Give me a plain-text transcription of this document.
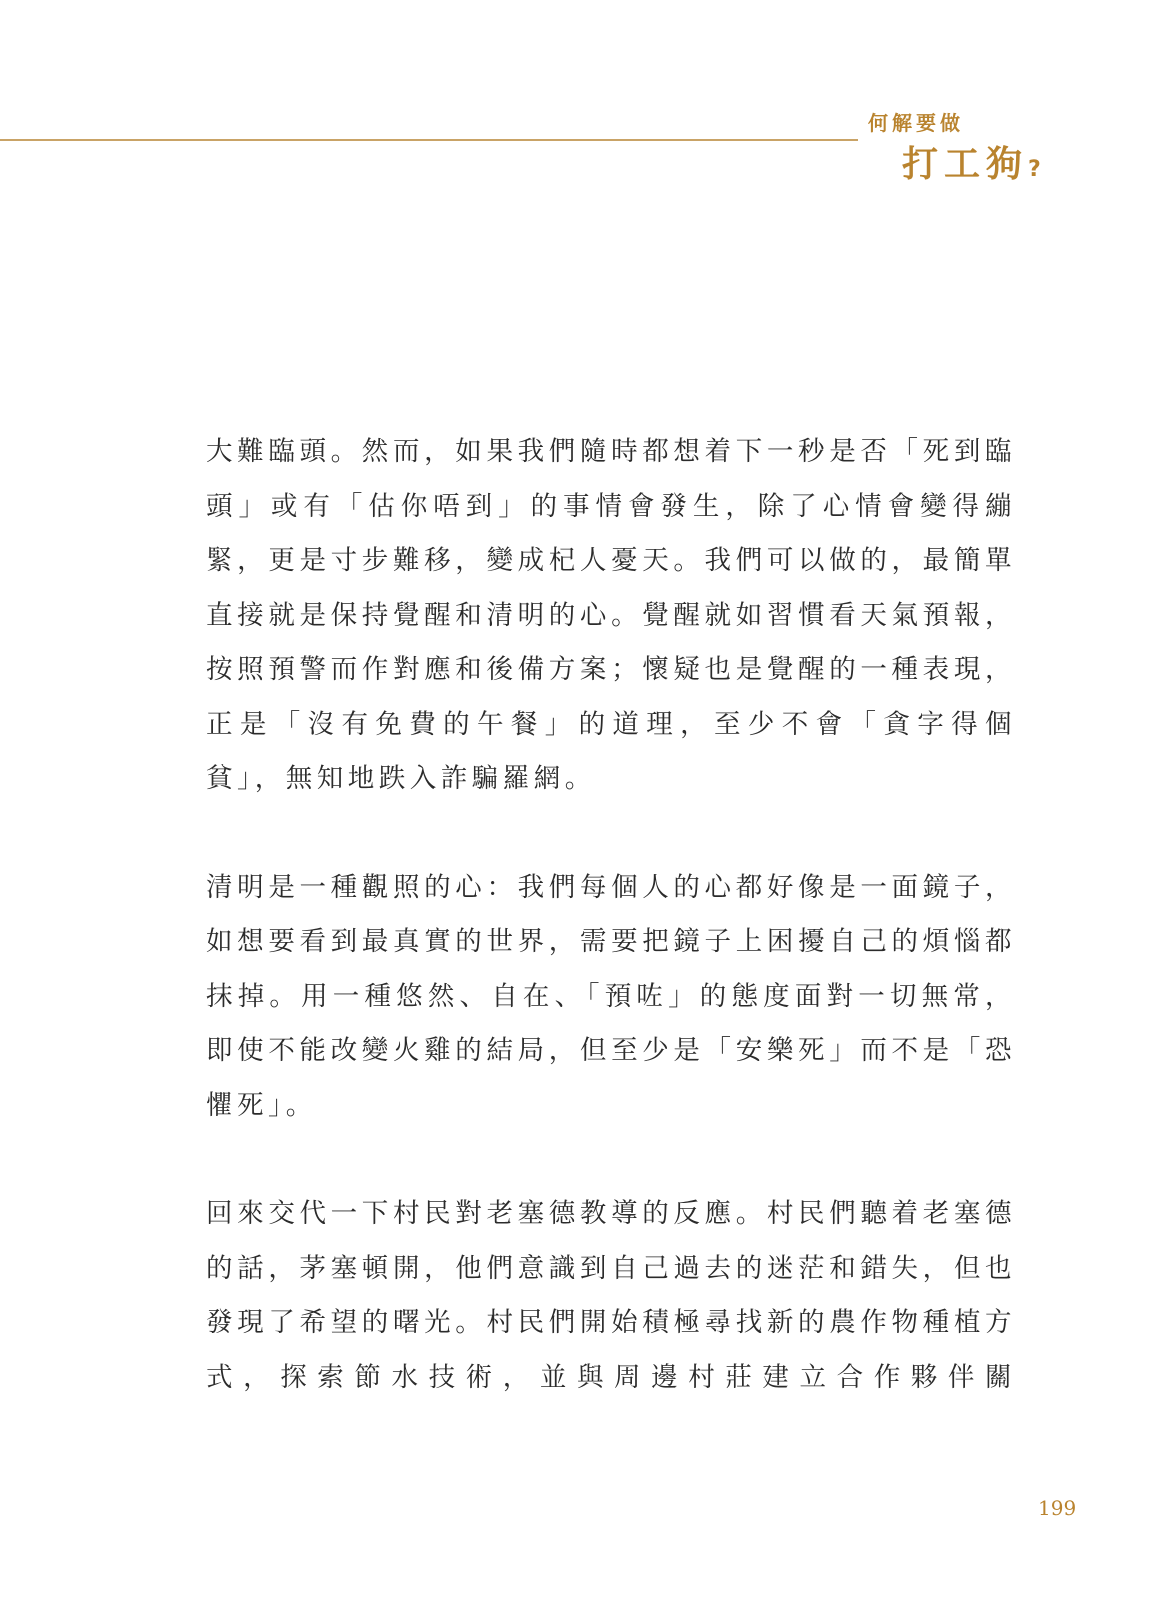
何解要做
打工狗?

大難臨頭。然而，如果我們隨時都想着下一秒是否「死到臨頭」或有「估你唔到」的事情會發生，除了心情會變得繃緊，更是寸步難移，變成杞人憂天。我們可以做的，最簡單直接就是保持覺醒和清明的心。覺醒就如習慣看天氣預報，按照預警而作對應和後備方案；懷疑也是覺醒的一種表現，正是「沒有免費的午餐」的道理，至少不會「貪字得個貧」，無知地跌入詐騙羅網。

清明是一種觀照的心：我們每個人的心都好像是一面鏡子，如想要看到最真實的世界，需要把鏡子上困擾自己的煩惱都抹掉。用一種悠然、自在、「預咗」的態度面對一切無常，即使不能改變火雞的結局，但至少是「安樂死」而不是「恐懼死」。

回來交代一下村民對老塞德教導的反應。村民們聽着老塞德的話，茅塞頓開，他們意識到自己過去的迷茫和錯失，但也發現了希望的曙光。村民們開始積極尋找新的農作物種植方式，探索節水技術，並與周邊村莊建立合作夥伴關

199
